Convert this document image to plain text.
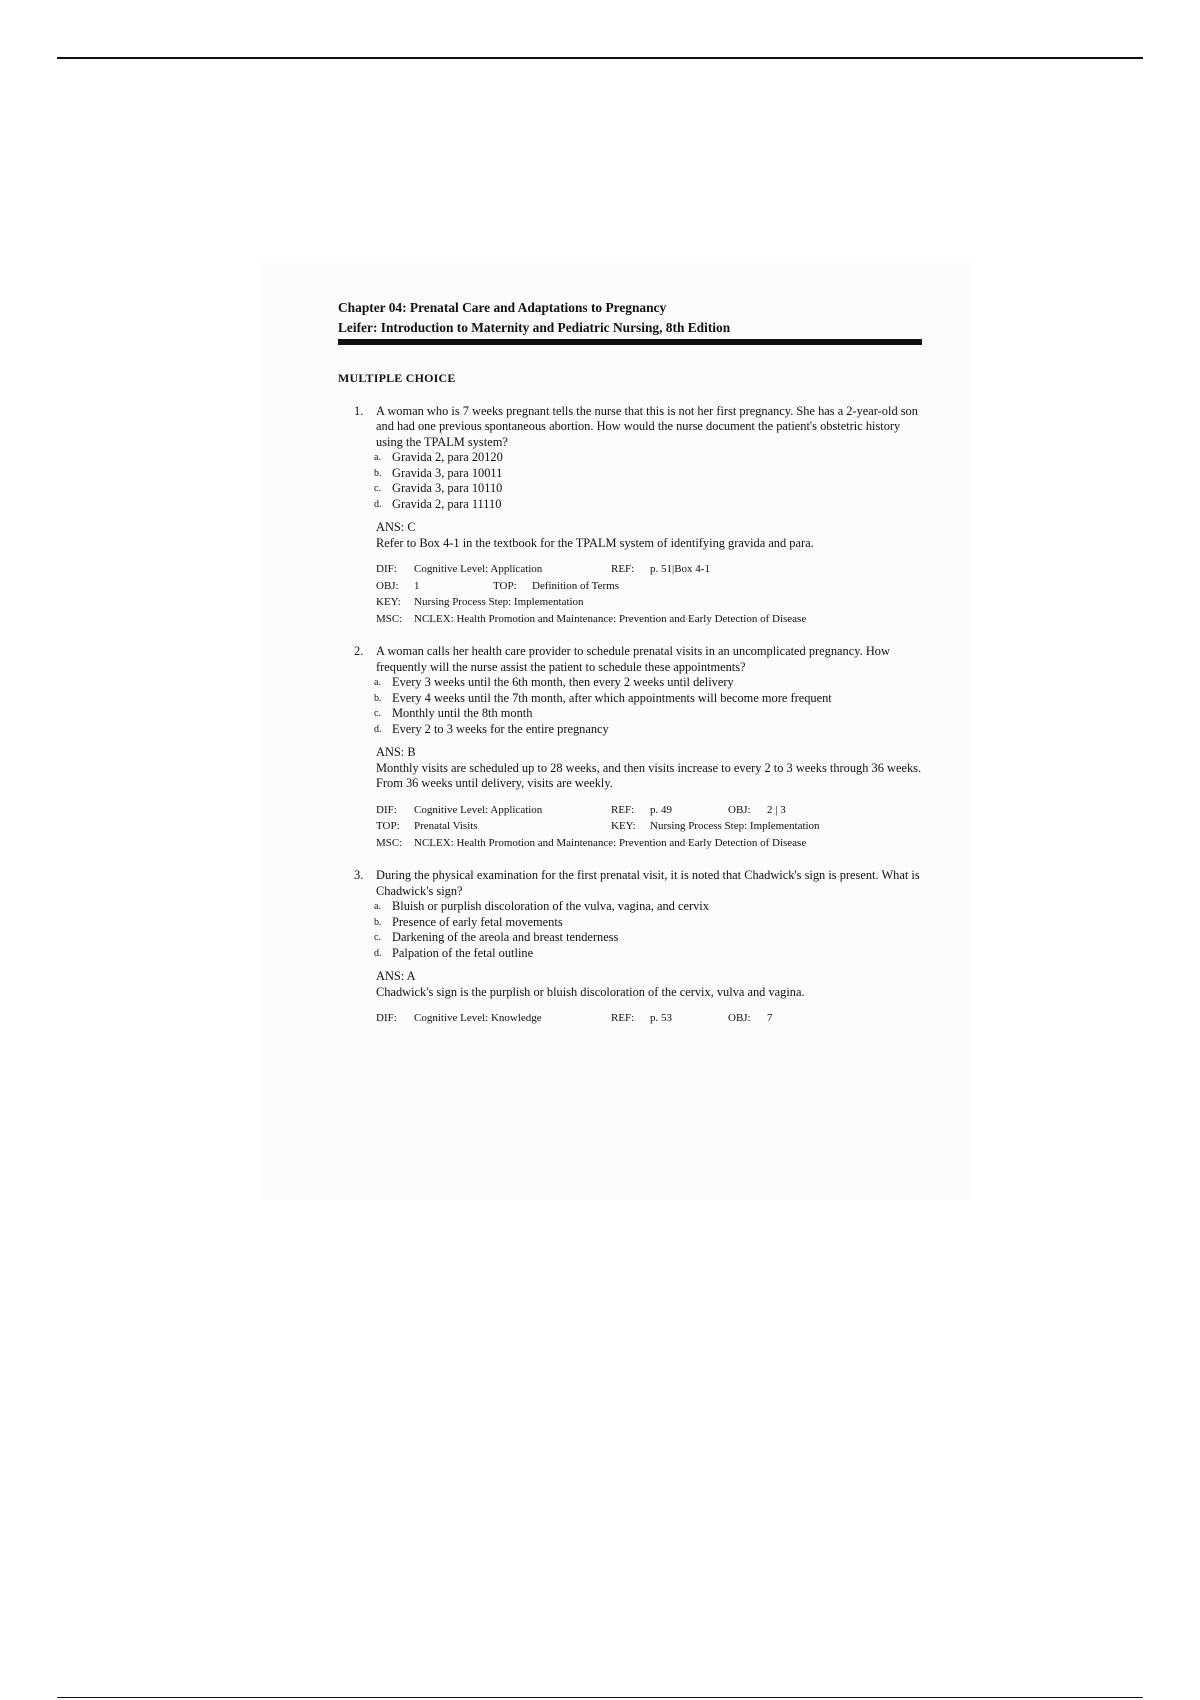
Chapter 04: Prenatal Care and Adaptations to Pregnancy
Leifer: Introduction to Maternity and Pediatric Nursing, 8th Edition
MULTIPLE CHOICE
1. A woman who is 7 weeks pregnant tells the nurse that this is not her first pregnancy. She has a 2-year-old son and had one previous spontaneous abortion. How would the nurse document the patient's obstetric history using the TPALM system?
a. Gravida 2, para 20120
b. Gravida 3, para 10011
c. Gravida 3, para 10110
d. Gravida 2, para 11110
ANS: C
Refer to Box 4-1 in the textbook for the TPALM system of identifying gravida and para.
DIF: Cognitive Level: Application	REF: p. 51|Box 4-1
OBJ: 1	TOP: Definition of Terms
KEY: Nursing Process Step: Implementation
MSC: NCLEX: Health Promotion and Maintenance: Prevention and Early Detection of Disease
2. A woman calls her health care provider to schedule prenatal visits in an uncomplicated pregnancy. How frequently will the nurse assist the patient to schedule these appointments?
a. Every 3 weeks until the 6th month, then every 2 weeks until delivery
b. Every 4 weeks until the 7th month, after which appointments will become more frequent
c. Monthly until the 8th month
d. Every 2 to 3 weeks for the entire pregnancy
ANS: B
Monthly visits are scheduled up to 28 weeks, and then visits increase to every 2 to 3 weeks through 36 weeks. From 36 weeks until delivery, visits are weekly.
DIF: Cognitive Level: Application	REF: p. 49	OBJ: 2 | 3
TOP: Prenatal Visits	KEY: Nursing Process Step: Implementation
MSC: NCLEX: Health Promotion and Maintenance: Prevention and Early Detection of Disease
3. During the physical examination for the first prenatal visit, it is noted that Chadwick's sign is present. What is Chadwick's sign?
a. Bluish or purplish discoloration of the vulva, vagina, and cervix
b. Presence of early fetal movements
c. Darkening of the areola and breast tenderness
d. Palpation of the fetal outline
ANS: A
Chadwick's sign is the purplish or bluish discoloration of the cervix, vulva and vagina.
DIF: Cognitive Level: Knowledge	REF: p. 53	OBJ: 7
